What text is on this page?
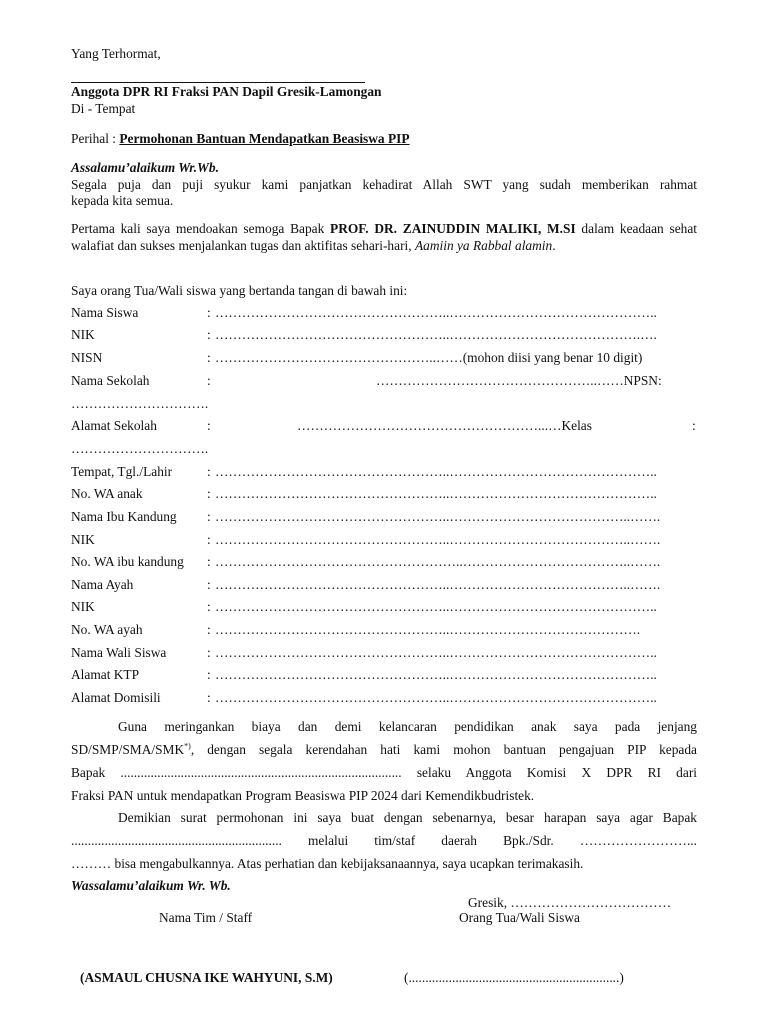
Yang Terhormat,
Anggota DPR RI Fraksi PAN Dapil Gresik-Lamongan
Di - Tempat
Perihal : Permohonan Bantuan Mendapatkan Beasiswa PIP
Assalamu’alaikum Wr.Wb.
Segala puja dan puji syukur kami panjatkan kehadirat Allah SWT yang sudah memberikan rahmat
kepada kita semua.
Pertama kali saya mendoakan semoga Bapak PROF. DR. ZAINUDDIN MALIKI, M.SI dalam keadaan sehat walafiat dan sukses menjalankan tugas dan aktifitas sehari-hari, Aamiin ya Rabbal alamin.
Saya orang Tua/Wali siswa yang bertanda tangan di bawah ini:
Nama Siswa	: ……………………………………………..………………………………………..
NIK	: ……………………………………………..…………………………………….….
NISN	: …………………………………………..……(mohon diisi yang benar 10 digit)
Nama Sekolah	:	…………………………………………..……NPSN:
………………………….
Alamat Sekolah	:	………………………………………………...…Kelas	:
………………………….
Tempat, Tgl./Lahir	: ……………………………………………..………………………………………..
No. WA anak	: ……………………………………………..………………………………………..
Nama Ibu Kandung : ……………………………………………..…………………………………..…….
NIK	: ……………………………………………..…………………………………..…….
No. WA ibu kandung : ………………………………………………..………………………………..…….
Nama Ayah	: ……………………………………………..…………………………………..…….
NIK	: ……………………………………………..………………………………………..
No. WA ayah	: ……………………………………………..…………………………………….
Nama Wali Siswa	: ……………………………………………..………………………………………..
Alamat KTP	: ……………………………………………..………………………………………..
Alamat Domisili	: ……………………………………………..………………………………………..
Guna meringankan biaya dan demi kelancaran pendidikan anak saya pada jenjang
SD/SMP/SMA/SMK*), dengan segala kerendahan hati kami mohon bantuan pengajuan PIP kepada
Bapak .................................................................................... selaku Anggota Komisi X DPR RI dari
Fraksi PAN untuk mendapatkan Program Beasiswa PIP 2024 dari Kemendikbudristek.
Demikian surat permohonan ini saya buat dengan sebenarnya, besar harapan saya agar Bapak
............................................................... melalui tim/staf daerah Bpk./Sdr. ……………………...
……… bisa mengabulkannya. Atas perhatian dan kebijaksanaannya, saya ucapkan terimakasih.
Wassalamu’alaikum Wr. Wb.
Gresik, ………………………………
Nama Tim / Staff	Orang Tua/Wali Siswa
(ASMAUL CHUSNA IKE WAHYUNI, S.M)	(...............................................................)
